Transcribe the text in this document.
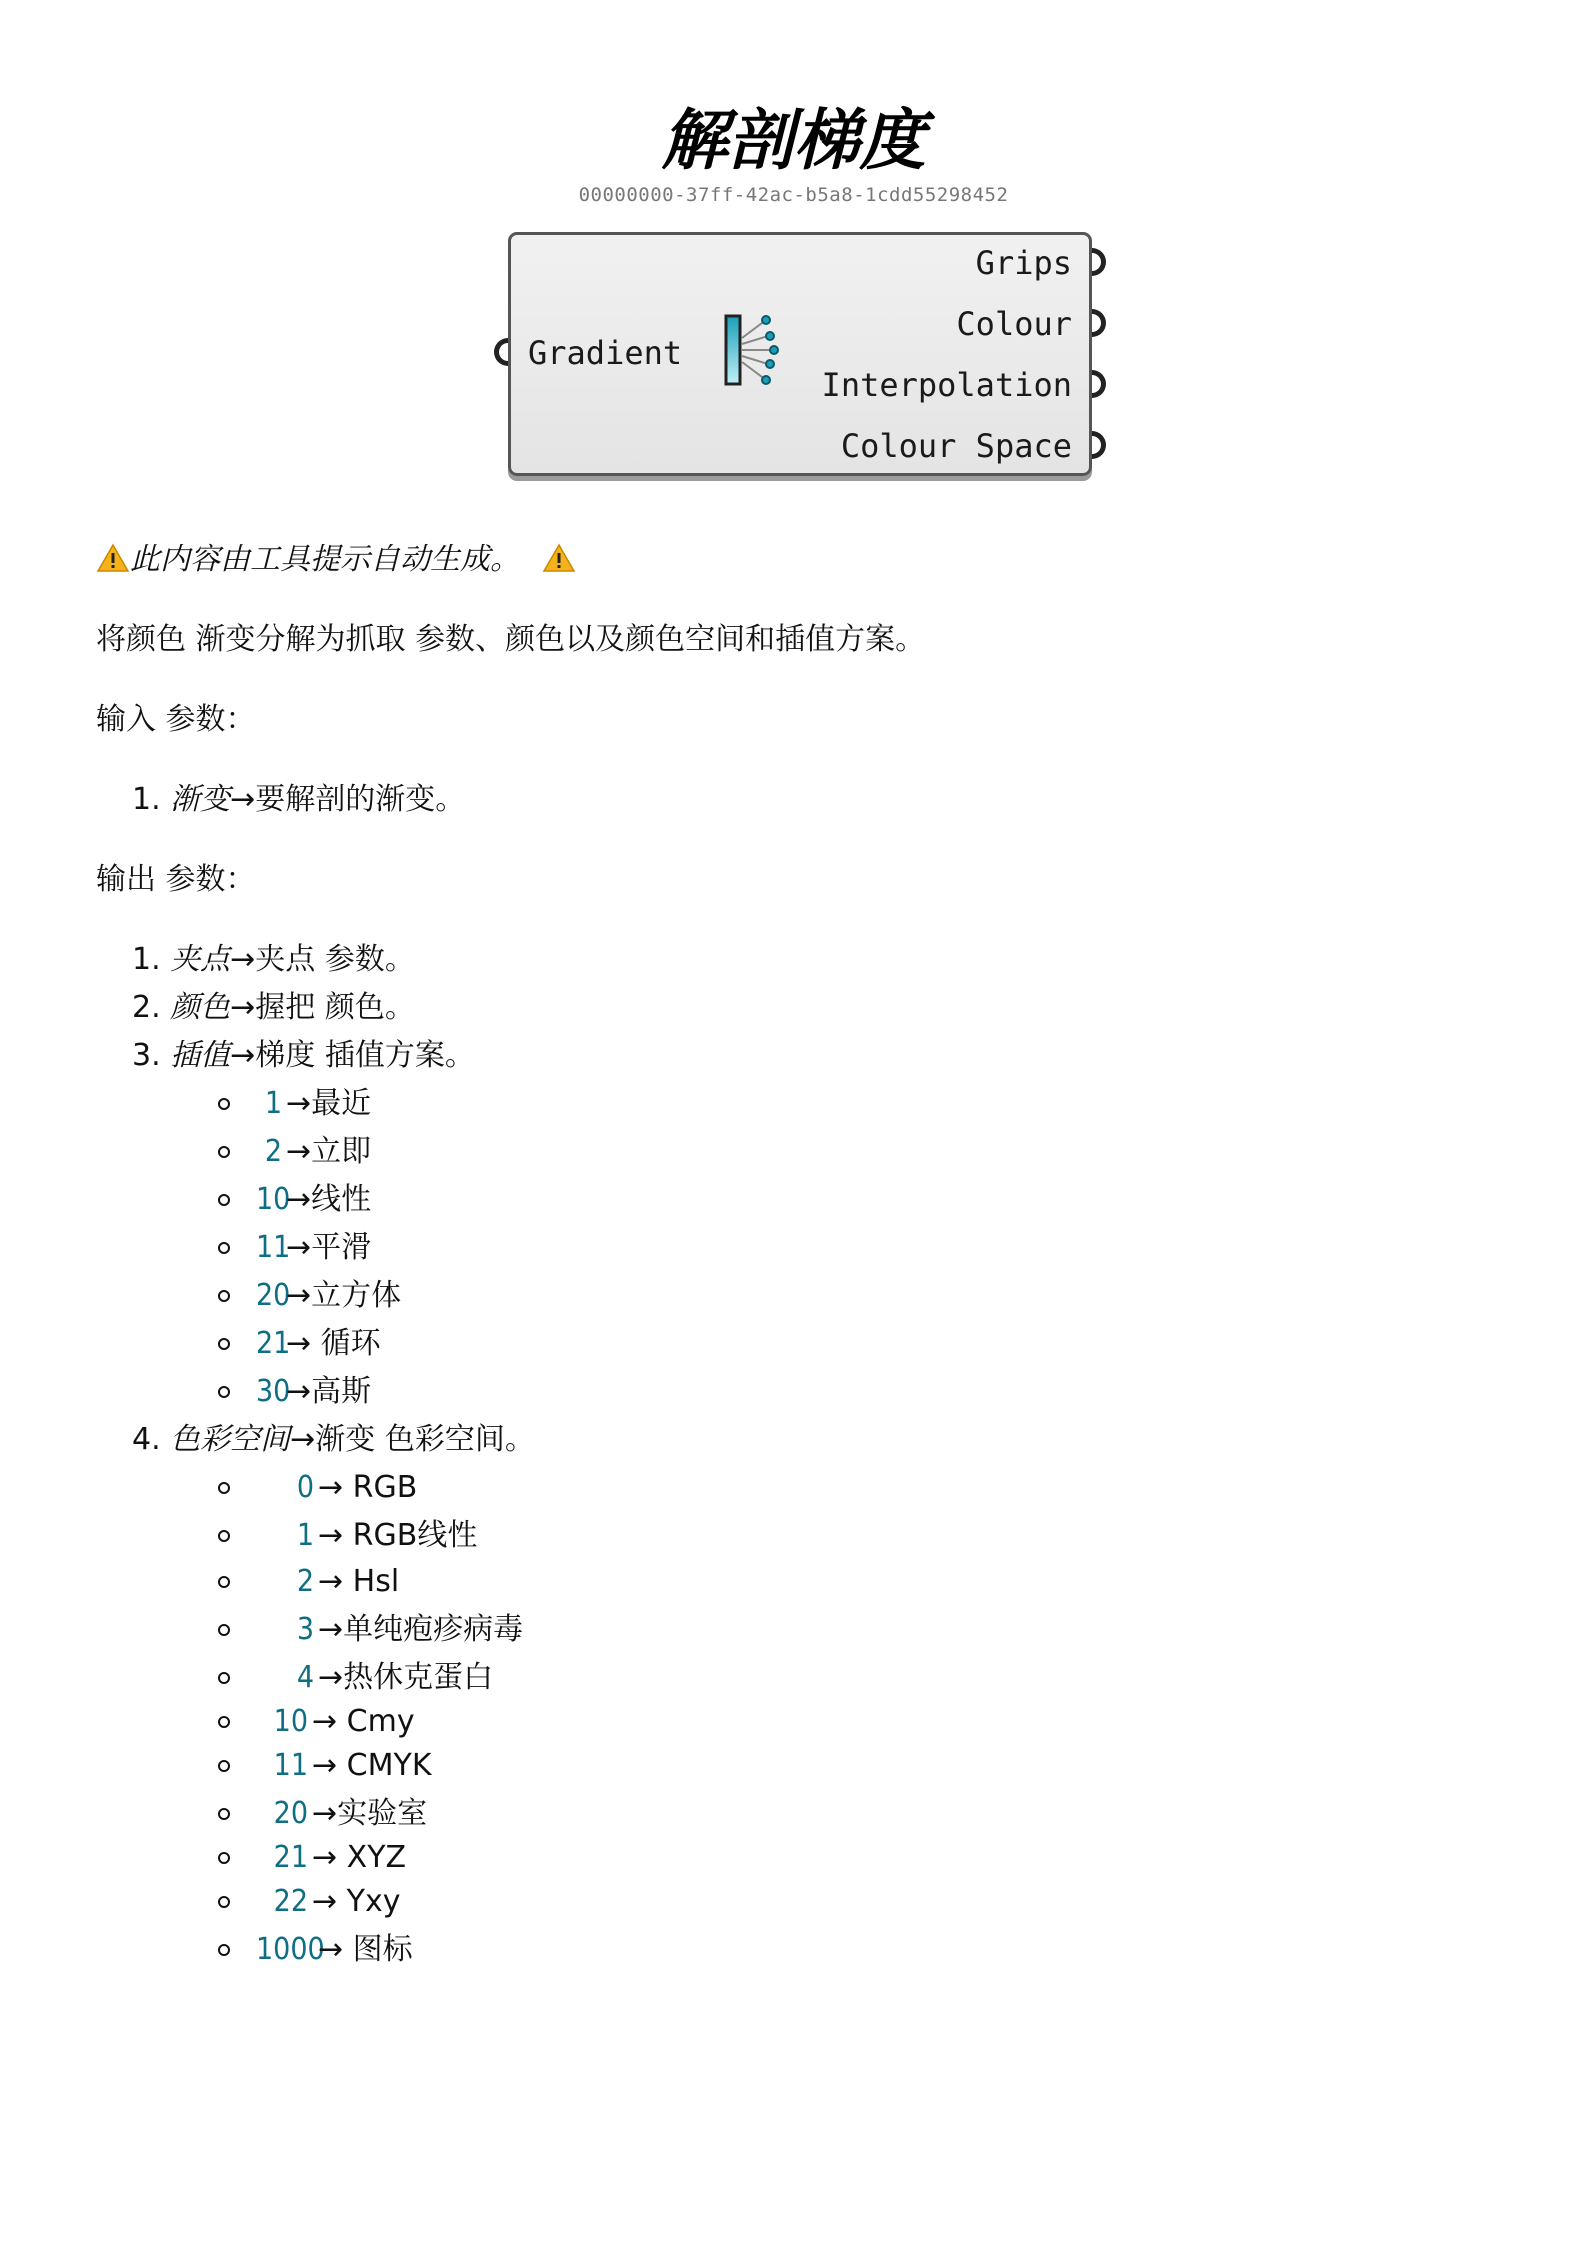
解剖梯度
00000000-37ff-42ac-b5a8-1cdd55298452
Gradient
Grips
Colour
Interpolation
Colour Space
此内容由工具提示自动生成。
将颜色 渐变分解为抓取 参数、颜色以及颜色空间和插值方案。
输入 参数：
1. 渐变→要解剖的渐变。
输出 参数：
1. 夹点→夹点 参数。
2. 颜色→握把 颜色。
3. 插值→梯度 插值方案。
1 →最近
2 →立即
10→线性
11→平滑
20→立方体
21→ 循环
30→高斯
4. 色彩空间→渐变 色彩空间。
0 → RGB
1 → RGB线性
2 → Hsl
3 →单纯疱疹病毒
4 →热休克蛋白
10 → Cmy
11 → CMYK
20 →实验室
21 → XYZ
22 → Yxy
1000→ 图标
